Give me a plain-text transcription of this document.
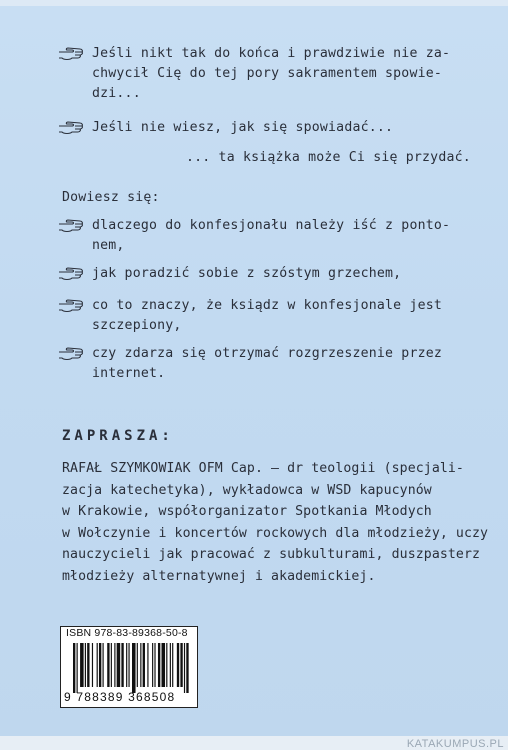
Jeśli nikt tak do końca i prawdziwie nie za-
chwycił Cię do tej pory sakramentem spowie-
dzi...
Jeśli nie wiesz, jak się spowiadać...
... ta książka może Ci się przydać.
Dowiesz się:
dlaczego do konfesjonału należy iść z ponto-
nem,
jak poradzić sobie z szóstym grzechem,
co to znaczy, że ksiądz w konfesjonale jest
szczepiony,
czy zdarza się otrzymać rozgrzeszenie przez
internet.
ZAPRASZA:
RAFAŁ SZYMKOWIAK OFM Cap. – dr teologii (specjali-
zacja katechetyka), wykładowca w WSD kapucynów
w Krakowie, współorganizator Spotkania Młodych
w Wołczynie i koncertów rockowych dla młodzieży, uczy
nauczycieli jak pracować z subkulturami, duszpasterz
młodzieży alternatywnej i akademickiej.
ISBN 978-83-89368-50-8
9 788389 368508
KATAKUMPUS.PL
